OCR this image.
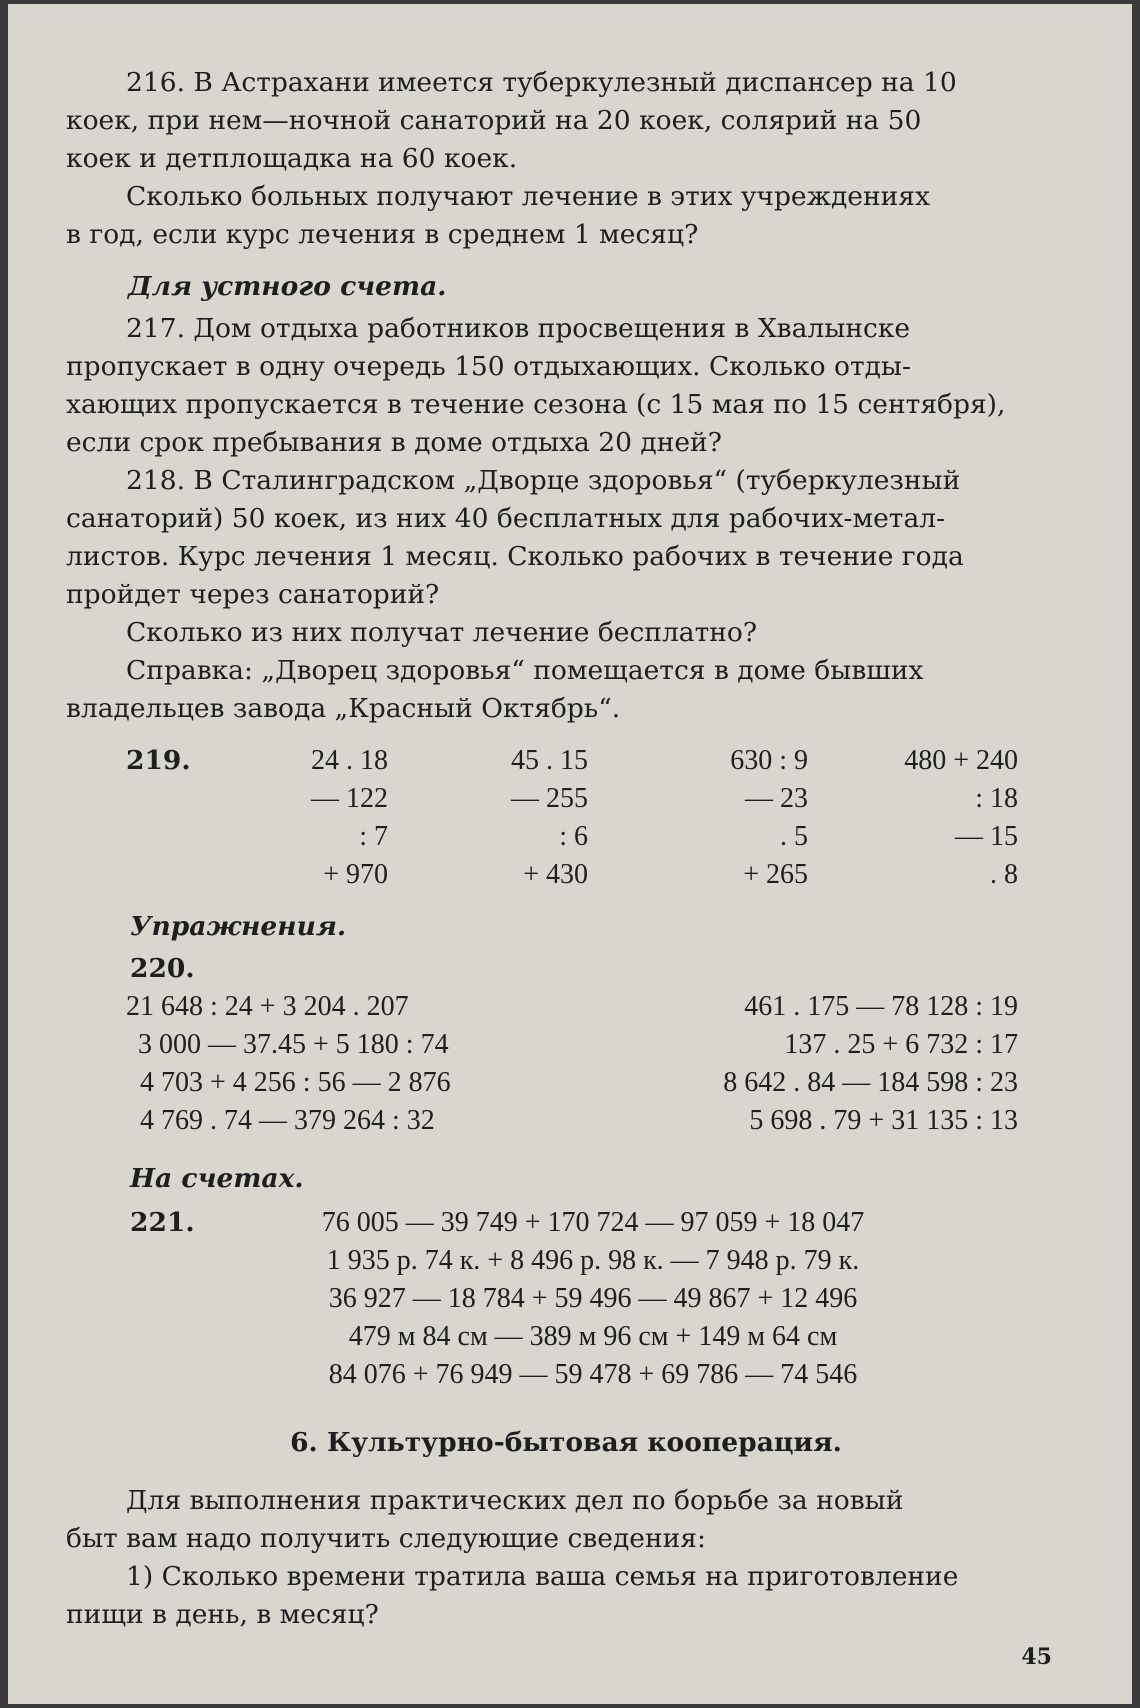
216. В Астрахани имеется туберкулезный диспансер на 10
коек, при нем—ночной санаторий на 20 коек, солярий на 50
коек и детплощадка на 60 коек.
Сколько больных получают лечение в этих учреждениях
в год, если курс лечения в среднем 1 месяц?
Для устного счета.
217. Дом отдыха работников просвещения в Хвалынске
пропускает в одну очередь 150 отдыхающих. Сколько отды-
хающих пропускается в течение сезона (с 15 мая по 15 сентября),
если срок пребывания в доме отдыха 20 дней?
218. В Сталинградском „Дворце здоровья“ (туберкулезный
санаторий) 50 коек, из них 40 бесплатных для рабочих-метал-
листов. Курс лечения 1 месяц. Сколько рабочих в течение года
пройдет через санаторий?
Сколько из них получат лечение бесплатно?
Справка: „Дворец здоровья“ помещается в доме бывших
владельцев завода „Красный Октябрь“.
219.	24 . 18
— 122
: 7
+ 970
45 . 15
— 255
: 6
+ 430
630 : 9
— 23
. 5
+ 265
480 + 240
: 18
— 15
. 8
Упражнения.
220.
21 648 : 24 + 3 204 . 207
3 000 — 37.45 + 5 180 : 74
4 703 + 4 256 : 56 — 2 876
4 769 . 74 — 379 264 : 32
461 . 175 — 78 128 : 19
137 . 25 + 6 732 : 17
8 642 . 84 — 184 598 : 23
5 698 . 79 + 31 135 : 13
На счетах.
221.	76 005 — 39 749 + 170 724 — 97 059 + 18 047
1 935 р. 74 к. + 8 496 р. 98 к. — 7 948 р. 79 к.
36 927 — 18 784 + 59 496 — 49 867 + 12 496
479 м 84 см — 389 м 96 см + 149 м 64 см
84 076 + 76 949 — 59 478 + 69 786 — 74 546
6. Культурно-бытовая кооперация.
Для выполнения практических дел по борьбе за новый
быт вам надо получить следующие сведения:
1) Сколько времени тратила ваша семья на приготовление
пищи в день, в месяц?
45
